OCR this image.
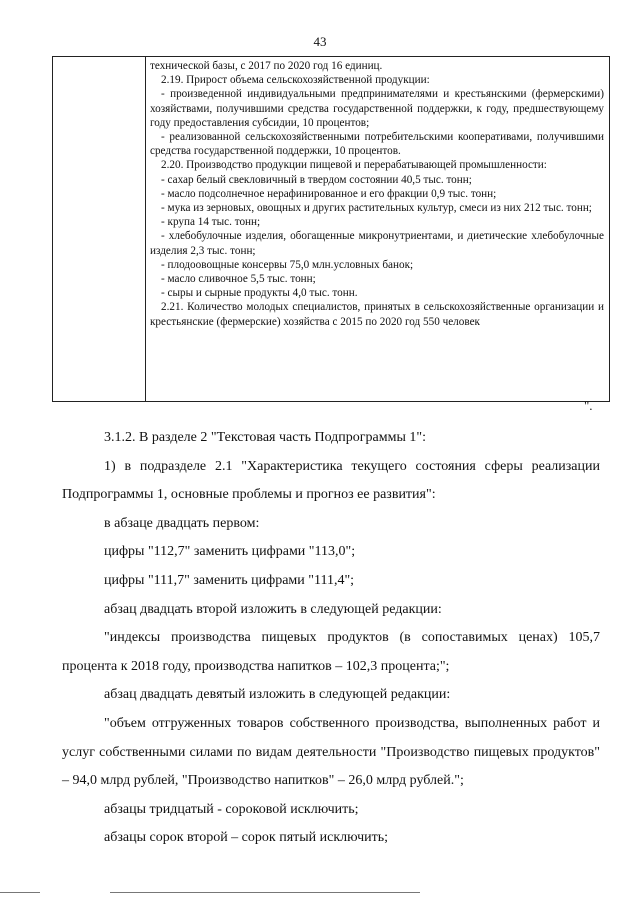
43

технической базы, с 2017 по 2020 год 16 единиц.

2.19. Прирост объема сельскохозяйственной продукции:

- произведенной индивидуальными предпринимателями и крестьянскими (фермерскими) хозяйствами, получившими средства государственной поддержки, к году, предшествующему году предоставления субсидии, 10 процентов;

- реализованной сельскохозяйственными потребительскими кооперативами, получившими средства государственной поддержки, 10 процентов.

2.20. Производство продукции пищевой и перерабатывающей промышленности:

- сахар белый свекловичный в твердом состоянии 40,5 тыс. тонн;

- масло подсолнечное нерафинированное и его фракции 0,9 тыс. тонн;

- мука из зерновых, овощных и других растительных культур, смеси из них 212 тыс. тонн;

- крупа 14 тыс. тонн;

- хлебобулочные изделия, обогащенные микронутриентами, и диетические хлебобулочные изделия 2,3 тыс. тонн;

- плодоовощные консервы 75,0 млн.условных банок;

- масло сливочное 5,5 тыс. тонн;

- сыры и сырные продукты 4,0 тыс. тонн.

2.21. Количество молодых специалистов, принятых в сельскохозяйственные организации и крестьянские (фермерские) хозяйства с 2015 по 2020 год 550 человек

".

3.1.2. В разделе 2 "Текстовая часть Подпрограммы 1":

1) в подразделе 2.1 "Характеристика текущего состояния сферы реализации Подпрограммы 1, основные проблемы и прогноз ее развития":

в абзаце двадцать первом:

цифры "112,7" заменить цифрами "113,0";

цифры "111,7" заменить цифрами "111,4";

абзац двадцать второй изложить в следующей редакции:

"индексы производства пищевых продуктов (в сопоставимых ценах) 105,7 процента к 2018 году, производства напитков – 102,3 процента;";

абзац двадцать девятый изложить в следующей редакции:

"объем отгруженных товаров собственного производства, выполненных работ и услуг собственными силами по видам деятельности "Производство пищевых продуктов" – 94,0 млрд рублей, "Производство напитков" – 26,0 млрд рублей.";

абзацы тридцатый - сороковой исключить;

абзацы сорок второй – сорок пятый исключить;
